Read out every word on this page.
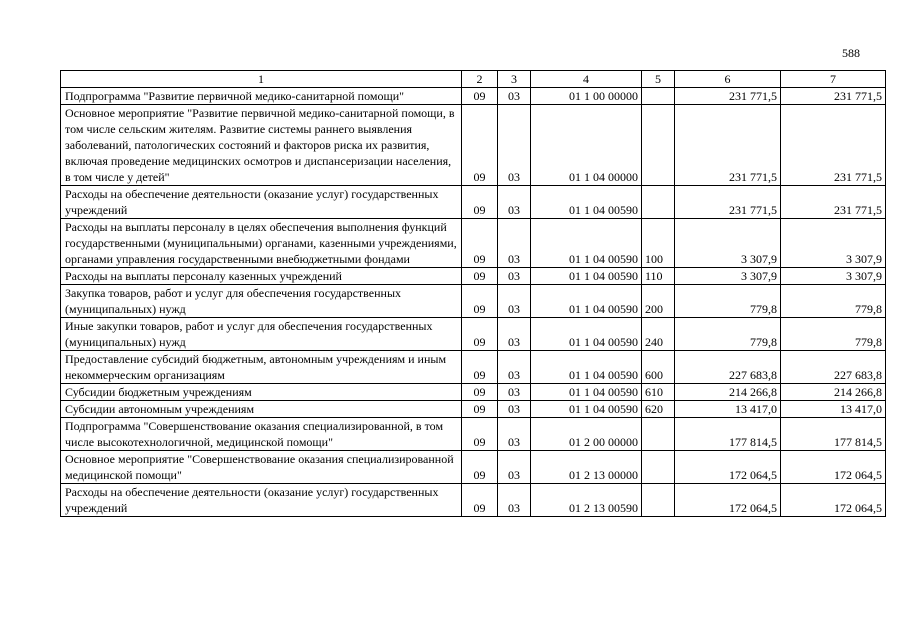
588
1	2	3	4	5	6	7
Подпрограмма "Развитие первичной медико-санитарной помощи"	09	03	01 1 00 00000		231 771,5	231 771,5
Основное мероприятие "Развитие первичной медико-санитарной помощи, в том числе сельским жителям. Развитие системы раннего выявления заболеваний, патологических состояний и факторов риска их развития, включая проведение медицинских осмотров и диспансеризации населения, в том числе у детей"	09	03	01 1 04 00000		231 771,5	231 771,5
Расходы на обеспечение деятельности (оказание услуг) государственных учреждений	09	03	01 1 04 00590		231 771,5	231 771,5
Расходы на выплаты персоналу в целях обеспечения выполнения функций государственными (муниципальными) органами, казенными учреждениями, органами управления государственными внебюджетными фондами	09	03	01 1 04 00590	100	3 307,9	3 307,9
Расходы на выплаты персоналу казенных учреждений	09	03	01 1 04 00590	110	3 307,9	3 307,9
Закупка товаров, работ и услуг для обеспечения государственных (муниципальных) нужд	09	03	01 1 04 00590	200	779,8	779,8
Иные закупки товаров, работ и услуг для обеспечения государственных (муниципальных) нужд	09	03	01 1 04 00590	240	779,8	779,8
Предоставление субсидий бюджетным, автономным учреждениям и иным некоммерческим организациям	09	03	01 1 04 00590	600	227 683,8	227 683,8
Субсидии бюджетным учреждениям	09	03	01 1 04 00590	610	214 266,8	214 266,8
Субсидии автономным учреждениям	09	03	01 1 04 00590	620	13 417,0	13 417,0
Подпрограмма "Совершенствование оказания специализированной, в том числе высокотехнологичной, медицинской помощи"	09	03	01 2 00 00000		177 814,5	177 814,5
Основное мероприятие "Совершенствование оказания специализированной медицинской помощи"	09	03	01 2 13 00000		172 064,5	172 064,5
Расходы на обеспечение деятельности (оказание услуг) государственных учреждений	09	03	01 2 13 00590		172 064,5	172 064,5
